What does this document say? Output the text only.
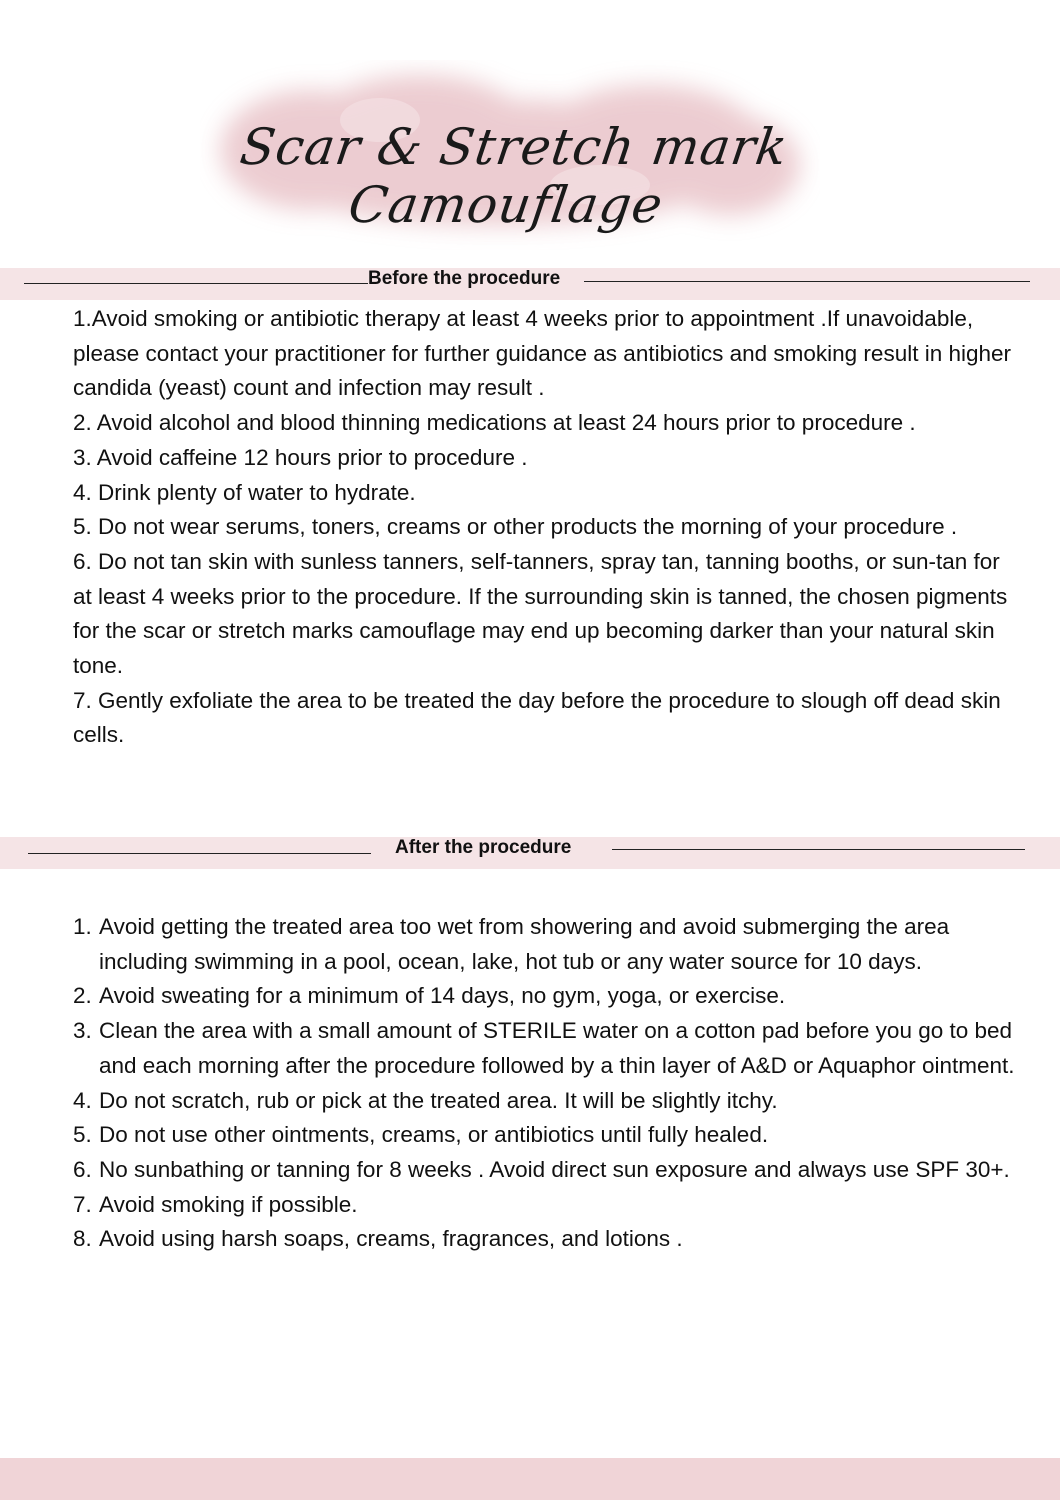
Scar & Stretch mark Camouflage
Before the procedure

1.Avoid smoking or antibiotic therapy at least 4 weeks prior to appointment .If unavoidable, please contact your practitioner for further guidance as antibiotics and smoking result in higher candida (yeast) count and infection may result .

2. Avoid alcohol and blood thinning medications at least 24 hours prior to procedure .

3. Avoid caffeine 12 hours prior to procedure .

4. Drink plenty of water to hydrate.

5. Do not wear serums, toners, creams or other products the morning of your procedure .

6. Do not tan skin with sunless tanners, self-tanners, spray tan, tanning booths, or sun-tan for at least 4 weeks prior to the procedure. If the surrounding skin is tanned, the chosen pigments for the scar or stretch marks camouflage may end up becoming darker than your natural skin tone.

7. Gently exfoliate the area to be treated the day before the procedure to slough off dead skin cells.

After the procedure
1. Avoid getting the treated area too wet from showering and avoid submerging the area including swimming in a pool, ocean, lake, hot tub or any water source for 10 days.
2. Avoid sweating for a minimum of 14 days, no gym, yoga, or exercise.
3. Clean the area with a small amount of STERILE water on a cotton pad before you go to bed and each morning after the procedure followed by a thin layer of A&D or Aquaphor ointment.
4. Do not scratch, rub or pick at the treated area. It will be slightly itchy.
5. Do not use other ointments, creams, or antibiotics until fully healed.
6. No sunbathing or tanning for 8 weeks . Avoid direct sun exposure and always use SPF 30+.
7. Avoid smoking if possible.
8. Avoid using harsh soaps, creams, fragrances, and lotions .
